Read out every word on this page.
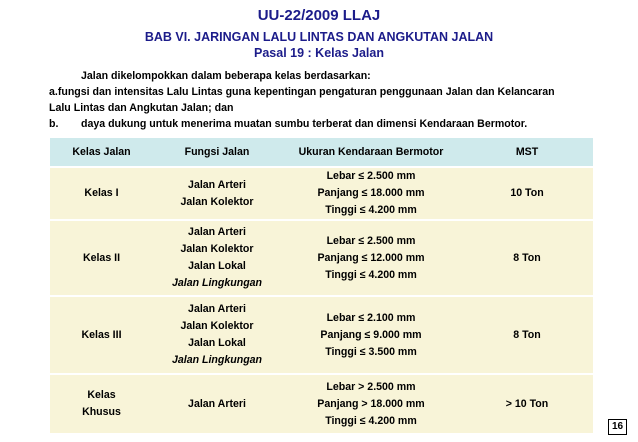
UU-22/2009 LLAJ
BAB VI. JARINGAN LALU LINTAS DAN ANGKUTAN JALAN
Pasal 19 : Kelas Jalan

Jalan dikelompokkan dalam beberapa kelas berdasarkan:

a.fungsi dan intensitas Lalu Lintas guna kepentingan pengaturan penggunaan Jalan dan Kelancaran

Lalu Lintas dan Angkutan Jalan; dan

b. daya dukung untuk menerima muatan sumbu terberat dan dimensi Kendaraan Bermotor.

Kelas Jalan	Fungsi Jalan	Ukuran Kendaraan Bermotor	MST

Kelas I	Jalan Arteri
Jalan Kolektor	Lebar ≤ 2.500 mm
Panjang ≤ 18.000 mm
Tinggi ≤ 4.200 mm	10 Ton

Kelas II	Jalan Arteri
Jalan Kolektor
Jalan Lokal
Jalan Lingkungan	Lebar ≤ 2.500 mm
Panjang ≤ 12.000 mm
Tinggi ≤ 4.200 mm	8 Ton

Kelas III	Jalan Arteri
Jalan Kolektor
Jalan Lokal
Jalan Lingkungan	Lebar ≤ 2.100 mm
Panjang ≤ 9.000 mm
Tinggi ≤ 3.500 mm	8 Ton

Kelas
Khusus	Jalan Arteri	Lebar > 2.500 mm
Panjang > 18.000 mm
Tinggi ≤ 4.200 mm	> 10 Ton
16
